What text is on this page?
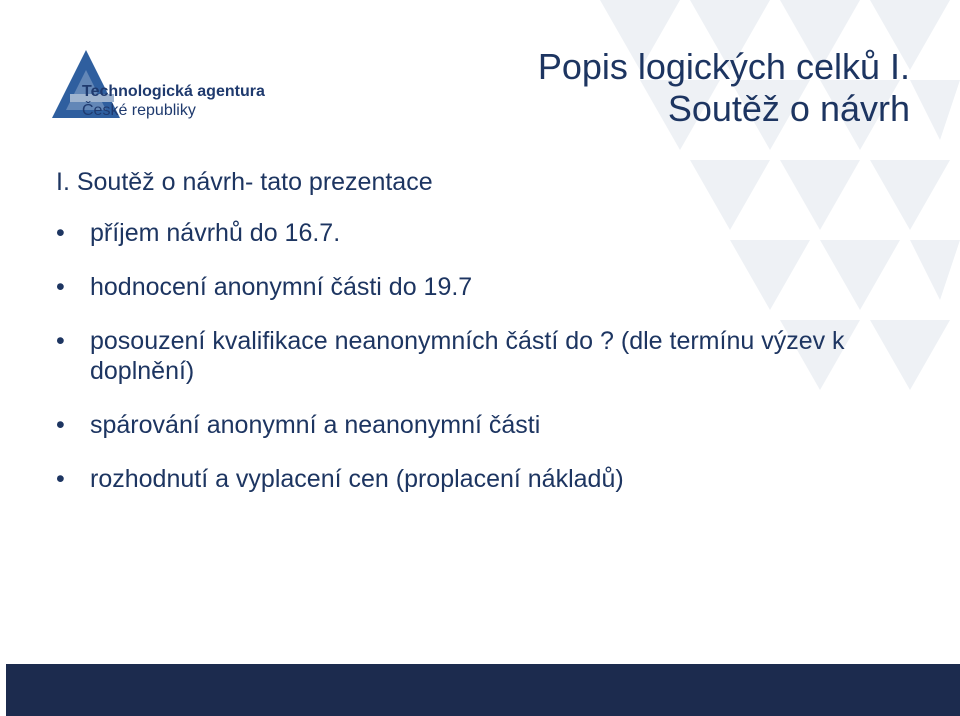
Technologická agentura
České republiky
Popis logických celků I.
Soutěž o návrh
I. Soutěž o návrh- tato prezentace
• příjem návrhů do 16.7.
• hodnocení anonymní části do 19.7
• posouzení kvalifikace neanonymních částí do ? (dle termínu výzev k doplnění)
• spárování anonymní a neanonymní části
• rozhodnutí a vyplacení cen (proplacení nákladů)
